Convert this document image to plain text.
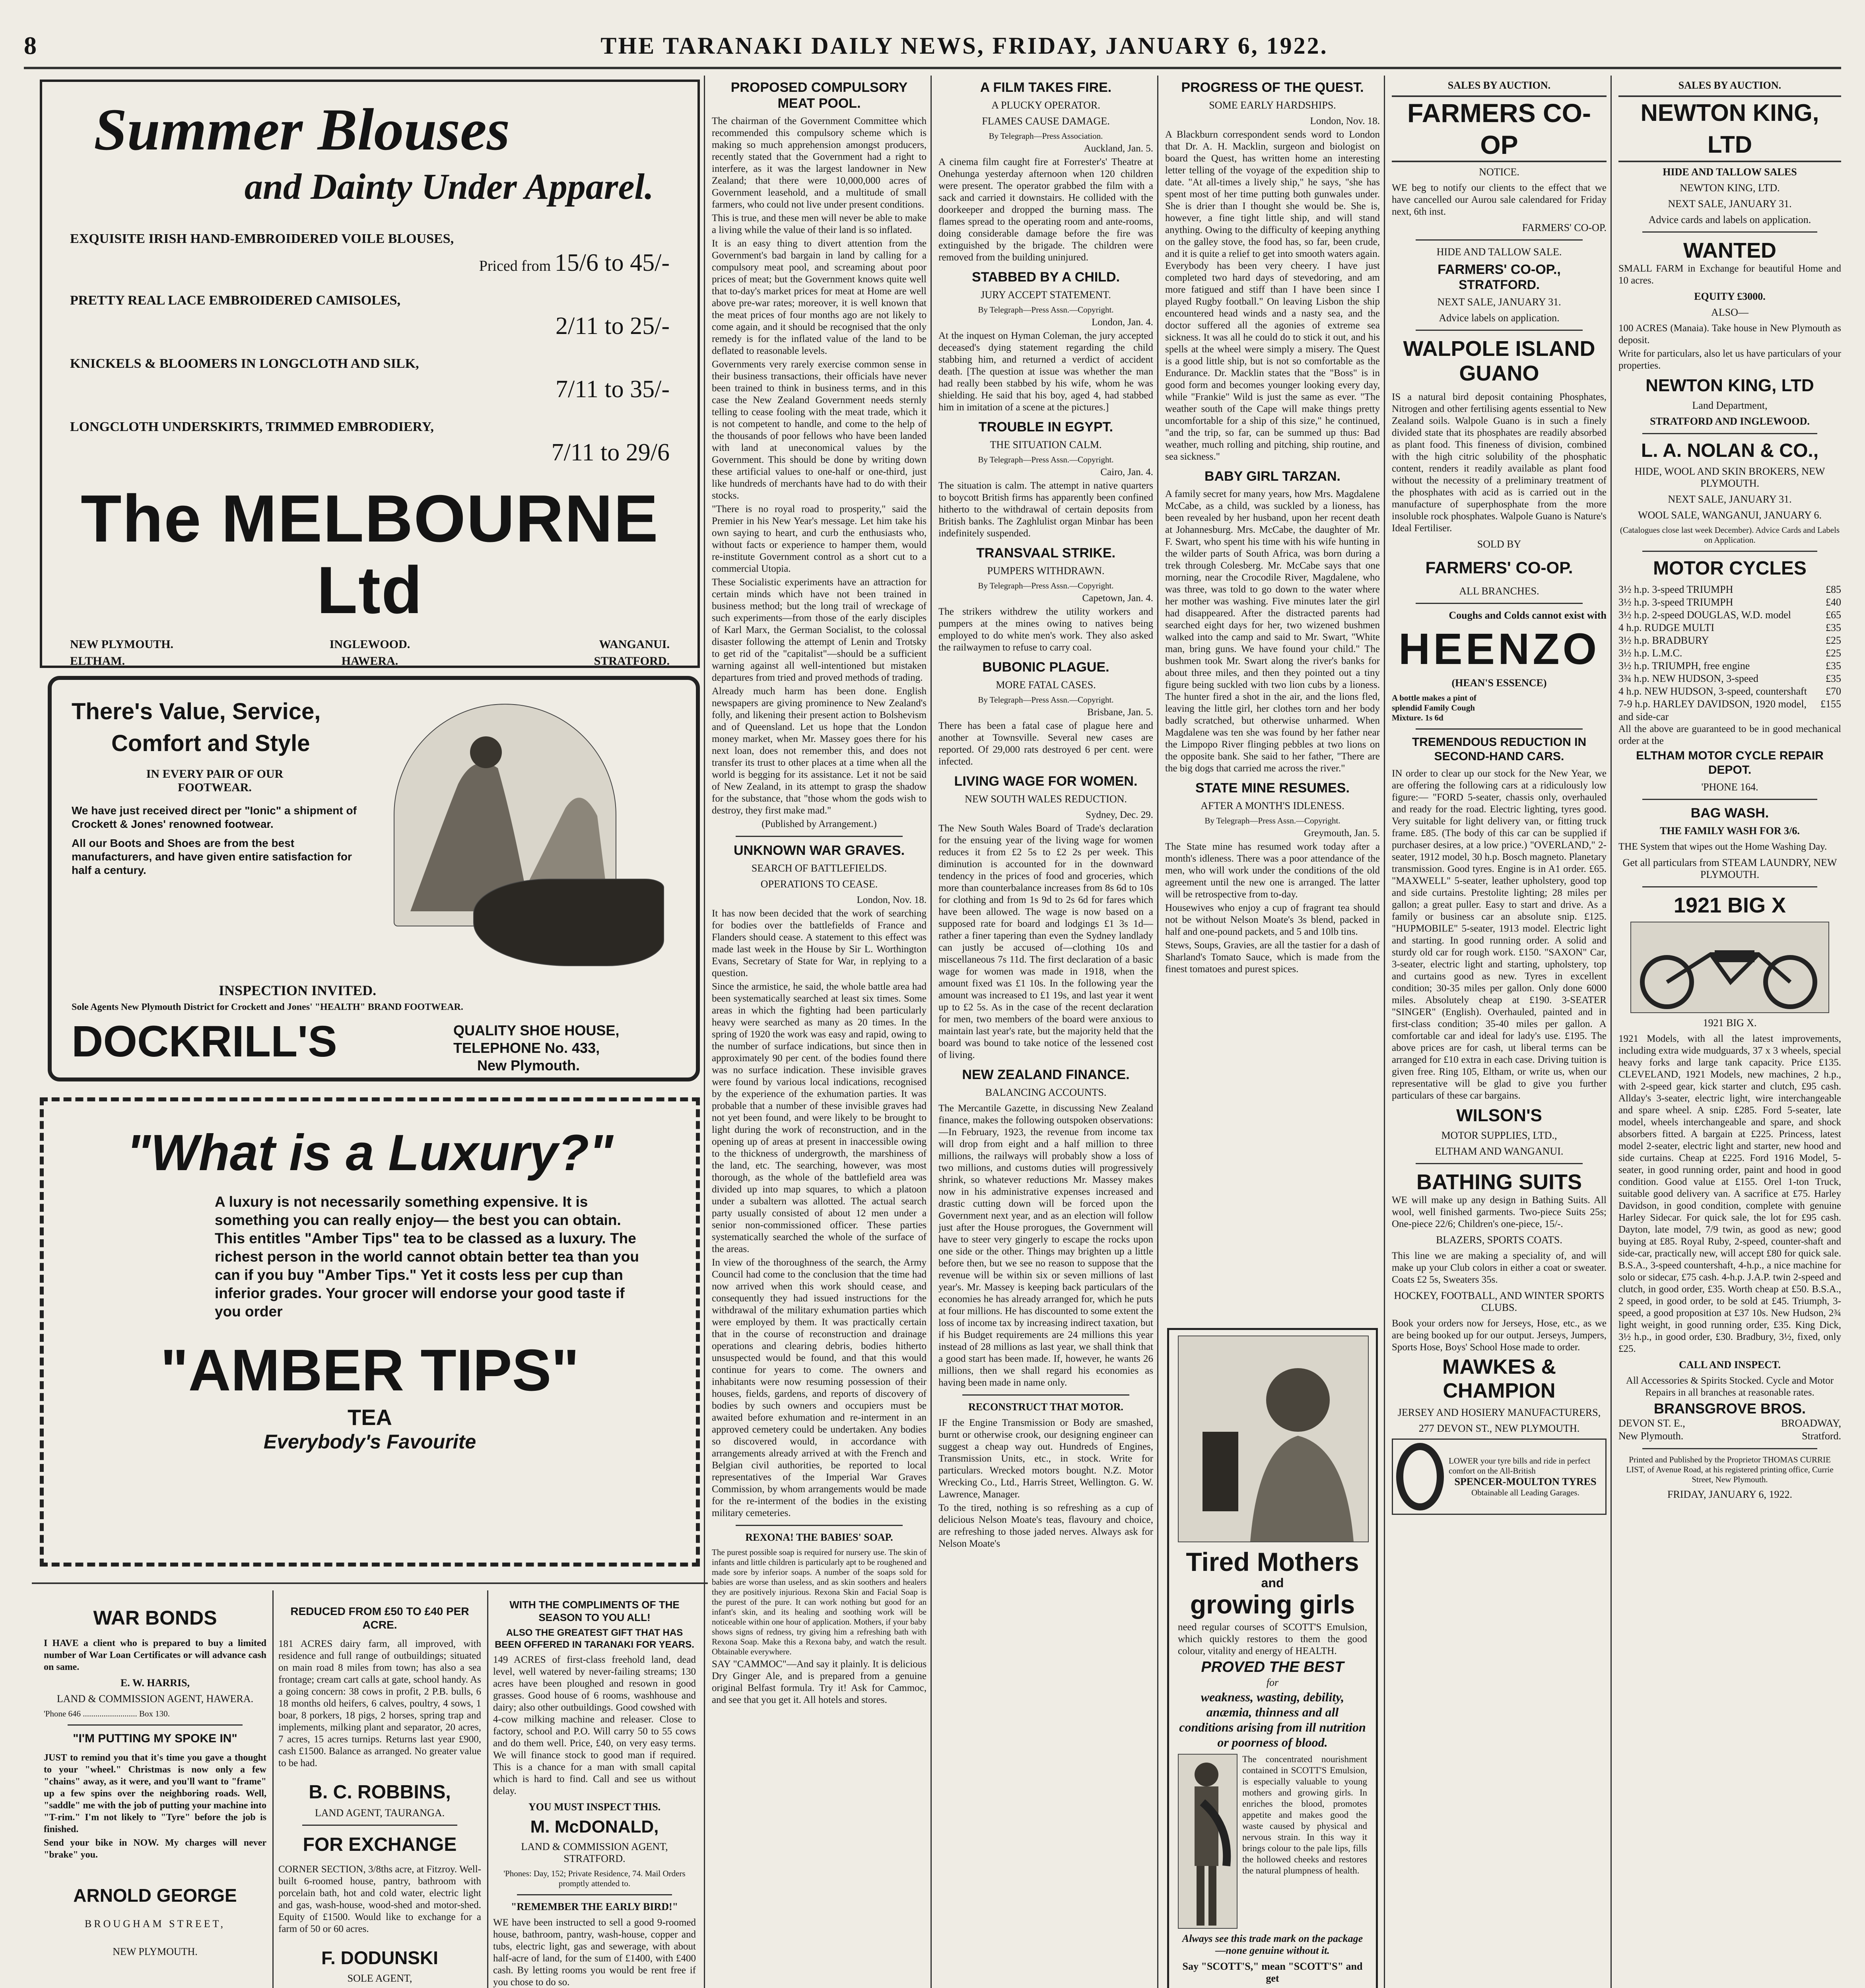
8	THE TARANAKI DAILY NEWS, FRIDAY, JANUARY 6, 1922.
Summer Blouses
and Dainty Under Apparel.
EXQUISITE IRISH HAND-EMBROIDERED VOILE BLOUSES,
Priced from 15/6 to 45/-
PRETTY REAL LACE EMBROIDERED CAMISOLES,
2/11 to 25/-
KNICKELS & BLOOMERS IN LONGCLOTH AND SILK,
7/11 to 35/-
LONGCLOTH UNDERSKIRTS, TRIMMED EMBRODIERY,
7/11 to 29/6
The MELBOURNE Ltd
NEW PLYMOUTH.	INGLEWOOD.	WANGANUI.
ELTHAM.	HAWERA.	STRATFORD.
There's Value, Service,
Comfort and Style
IN EVERY PAIR OF OUR
FOOTWEAR.
We have just received direct per "Ionic" a shipment of Crockett & Jones' renowned footwear.
All our Boots and Shoes are from the best manufacturers, and have given entire satisfaction for half a century.
INSPECTION INVITED.
Sole Agents New Plymouth District for Crockett and Jones' "HEALTH" BRAND FOOTWEAR.
DOCKRILL'S	QUALITY SHOE HOUSE,
TELEPHONE No. 433,
New Plymouth.
"What is a Luxury?"
A luxury is not necessarily something expensive. It is something you can really enjoy— the best you can obtain. This entitles "Amber Tips" tea to be classed as a luxury. The richest person in the world cannot obtain better tea than you can if you buy "Amber Tips." Yet it costs less per cup than inferior grades. Your grocer will endorse your good taste if you order
"AMBER TIPS"
TEA
Everybody's Favourite
WAR BONDS

I HAVE a client who is prepared to buy a limited number of War Loan Certificates or will advance cash on same.

E. W. HARRIS,
LAND & COMMISSION AGENT, HAWERA.
'Phone 646 .......................... Box 130.
"I'M PUTTING MY SPOKE IN"

JUST to remind you that it's time you gave a thought to your "wheel." Christmas is now only a few "chains" away, as it were, and you'll want to "frame" up a few spins over the neighboring roads. Well, "saddle" me with the job of putting your machine into "T-rim." I'm not likely to "Tyre" before the job is finished.

Send your bike in NOW. My charges will never "brake" you.

ARNOLD GEORGE
BROUGHAM STREET,
NEW PLYMOUTH.
REDUCED FROM £50 TO £40 PER ACRE.

181 ACRES dairy farm, all improved, with residence and full range of outbuildings; situated on main road 8 miles from town; has also a sea frontage; cream cart calls at gate, school handy. As a going concern: 38 cows in profit, 2 P.B. bulls, 6 18 months old heifers, 6 calves, poultry, 4 sows, 1 boar, 8 porkers, 18 pigs, 2 horses, spring trap and implements, milking plant and separator, 20 acres, 7 acres, 15 acres turnips. Returns last year £900, cash £1500. Balance as arranged. No greater value to be had.

B. C. ROBBINS,
LAND AGENT, TAURANGA.
FOR EXCHANGE

CORNER SECTION, 3/8ths acre, at Fitzroy. Well-built 6-roomed house, pantry, bathroom with porcelain bath, hot and cold water, electric light and gas, wash-house, wood-shed and motor-shed. Equity of £1500. Would like to exchange for a farm of 50 or 60 acres.

F. DODUNSKI
SOLE AGENT,
WITH THE COMPLIMENTS OF THE SEASON TO YOU ALL!
ALSO THE GREATEST GIFT THAT HAS BEEN OFFERED IN TARANAKI FOR YEARS.

149 ACRES of first-class freehold land, dead level, well watered by never-failing streams; 130 acres have been ploughed and resown in good grasses. Good house of 6 rooms, washhouse and dairy; also other outbuildings. Good cowshed with 4-cow milking machine and releaser. Close to factory, school and P.O. Will carry 50 to 55 cows and do them well. Price, £40, on very easy terms. We will finance stock to good man if required. This is a chance for a man with small capital which is hard to find. Call and see us without delay.

YOU MUST INSPECT THIS.
M. McDONALD,
LAND & COMMISSION AGENT, STRATFORD.
'Phones: Day, 152; Private Residence, 74. Mail Orders promptly attended to.
"REMEMBER THE EARLY BIRD!"

WE have been instructed to sell a good 9-roomed house, bathroom, pantry, wash-house, copper and tubs, electric light, gas and sewerage, with about half-acre of land, for the sum of £1400, with £400 cash. By letting rooms you would be rent free if you chose to do so.

PROPOSED COMPULSORY MEAT POOL.

The chairman of the Government Committee which recommended this compulsory scheme which is making so much apprehension amongst producers, recently stated that the Government had a right to interfere, as it was the largest landowner in New Zealand; that there were 10,000,000 acres of Government leasehold, and a multitude of small farmers, who could not live under present conditions.

This is true, and these men will never be able to make a living while the value of their land is so inflated.

It is an easy thing to divert attention from the Government's bad bargain in land by calling for a compulsory meat pool, and screaming about poor prices of meat; but the Government knows quite well that to-day's market prices for meat at Home are well above pre-war rates; moreover, it is well known that the meat prices of four months ago are not likely to come again, and it should be recognised that the only remedy is for the inflated value of the land to be deflated to reasonable levels.

Governments very rarely exercise common sense in their business transactions, their officials have never been trained to think in business terms, and in this case the New Zealand Government needs sternly telling to cease fooling with the meat trade, which it is not competent to handle, and come to the help of the thousands of poor fellows who have been landed with land at uneconomical values by the Government. This should be done by writing down these artificial values to one-half or one-third, just like hundreds of merchants have had to do with their stocks.

"There is no royal road to prosperity," said the Premier in his New Year's message. Let him take his own saying to heart, and curb the enthusiasts who, without facts or experience to hamper them, would re-institute Government control as a short cut to a commercial Utopia.

These Socialistic experiments have an attraction for certain minds which have not been trained in business method; but the long trail of wreckage of such experiments—from those of the early disciples of Karl Marx, the German Socialist, to the colossal disaster following the attempt of Lenin and Trotsky to get rid of the "capitalist"—should be a sufficient warning against all well-intentioned but mistaken departures from tried and proved methods of trading.

Already much harm has been done. English newspapers are giving prominence to New Zealand's folly, and likening their present action to Bolshevism and of Queensland. Let us hope that the London money market, when Mr. Massey goes there for his next loan, does not remember this, and does not transfer its trust to other places at a time when all the world is begging for its assistance. Let it not be said of New Zealand, in its attempt to grasp the shadow for the substance, that "those whom the gods wish to destroy, they first make mad."

(Published by Arrangement.)

UNKNOWN WAR GRAVES.
SEARCH OF BATTLEFIELDS.
OPERATIONS TO CEASE.

London, Nov. 18.

It has now been decided that the work of searching for bodies over the battlefields of France and Flanders should cease. A statement to this effect was made last week in the House by Sir L. Worthington Evans, Secretary of State for War, in replying to a question.

Since the armistice, he said, the whole battle area had been systematically searched at least six times. Some areas in which the fighting had been particularly heavy were searched as many as 20 times. In the spring of 1920 the work was easy and rapid, owing to the number of surface indications, but since then in approximately 90 per cent. of the bodies found there was no surface indication. These invisible graves were found by various local indications, recognised by the experience of the exhumation parties. It was probable that a number of these invisible graves had not yet been found, and were likely to be brought to light during the work of reconstruction, and in the opening up of areas at present in inaccessible owing to the thickness of undergrowth, the marshiness of the land, etc. The searching, however, was most thorough, as the whole of the battlefield area was divided up into map squares, to which a platoon under a subaltern was allotted. The actual search party usually consisted of about 12 men under a senior non-commissioned officer. These parties systematically searched the whole of the surface of the areas.

In view of the thoroughness of the search, the Army Council had come to the conclusion that the time had now arrived when this work should cease, and consequently they had issued instructions for the withdrawal of the military exhumation parties which were employed by them. It was practically certain that in the course of reconstruction and drainage operations and clearing debris, bodies hitherto unsuspected would be found, and that this would continue for years to come. The owners and inhabitants were now resuming possession of their houses, fields, gardens, and reports of discovery of bodies by such owners and occupiers must be awaited before exhumation and re-interment in an approved cemetery could be undertaken. Any bodies so discovered would, in accordance with arrangements already arrived at with the French and Belgian civil authorities, be reported to local representatives of the Imperial War Graves Commission, by whom arrangements would be made for the re-interment of the bodies in the existing military cemeteries.

REXONA! THE BABIES' SOAP.

The purest possible soap is required for nursery use. The skin of infants and little children is particularly apt to be roughened and made sore by inferior soaps. A number of the soaps sold for babies are worse than useless, and as skin soothers and healers they are positively injurious. Rexona Skin and Facial Soap is the purest of the pure. It can work nothing but good for an infant's skin, and its healing and soothing work will be noticeable within one hour of application. Mothers, if your baby shows signs of redness, try giving him a refreshing bath with Rexona Soap. Make this a Rexona baby, and watch the result. Obtainable everywhere.

SAY "CAMMOC"—And say it plainly. It is delicious Dry Ginger Ale, and is prepared from a genuine original Belfast formula. Try it! Ask for Cammoc, and see that you get it. All hotels and stores.

A FILM TAKES FIRE.
A PLUCKY OPERATOR.
FLAMES CAUSE DAMAGE.

By Telegraph—Press Association.

Auckland, Jan. 5.

A cinema film caught fire at Forrester's' Theatre at Onehunga yesterday afternoon when 120 children were present. The operator grabbed the film with a sack and carried it downstairs. He collided with the doorkeeper and dropped the burning mass. The flames spread to the operating room and ante-rooms, doing considerable damage before the fire was extinguished by the brigade. The children were removed from the building uninjured.

STABBED BY A CHILD.
JURY ACCEPT STATEMENT.

By Telegraph—Press Assn.—Copyright.

London, Jan. 4.

At the inquest on Hyman Coleman, the jury accepted deceased's dying statement regarding the child stabbing him, and returned a verdict of accident death. [The question at issue was whether the man had really been stabbed by his wife, whom he was shielding. He said that his boy, aged 4, had stabbed him in imitation of a scene at the pictures.]

TROUBLE IN EGYPT.
THE SITUATION CALM.

By Telegraph—Press Assn.—Copyright.

Cairo, Jan. 4.

The situation is calm. The attempt in native quarters to boycott British firms has apparently been confined hitherto to the withdrawal of certain deposits from British banks. The Zaghlulist organ Minbar has been indefinitely suspended.

TRANSVAAL STRIKE.
PUMPERS WITHDRAWN.

By Telegraph—Press Assn.—Copyright.

Capetown, Jan. 4.

The strikers withdrew the utility workers and pumpers at the mines owing to natives being employed to do white men's work. They also asked the railwaymen to refuse to carry coal.

BUBONIC PLAGUE.
MORE FATAL CASES.

By Telegraph—Press Assn.—Copyright.

Brisbane, Jan. 5.

There has been a fatal case of plague here and another at Townsville. Several new cases are reported. Of 29,000 rats destroyed 6 per cent. were infected.

LIVING WAGE FOR WOMEN.
NEW SOUTH WALES REDUCTION.

Sydney, Dec. 29.

The New South Wales Board of Trade's declaration for the ensuing year of the living wage for women reduces it from £2 5s to £2 2s per week. This diminution is accounted for in the downward tendency in the prices of food and groceries, which more than counterbalance increases from 8s 6d to 10s for clothing and from 1s 9d to 2s 6d for fares which have been allowed. The wage is now based on a supposed rate for board and lodgings £1 3s 1d—rather a finer tapering than even the Sydney landlady can justly be accused of—clothing 10s and miscellaneous 7s 11d. The first declaration of a basic wage for women was made in 1918, when the amount fixed was £1 10s. In the following year the amount was increased to £1 19s, and last year it went up to £2 5s. As in the case of the recent declaration for men, two members of the board were anxious to maintain last year's rate, but the majority held that the board was bound to take notice of the lessened cost of living.

NEW ZEALAND FINANCE.
BALANCING ACCOUNTS.

The Mercantile Gazette, in discussing New Zealand finance, makes the following outspoken observations:—In February, 1923, the revenue from income tax will drop from eight and a half million to three millions, the railways will probably show a loss of two millions, and customs duties will progressively shrink, so whatever reductions Mr. Massey makes now in his administrative expenses increased and drastic cutting down will be forced upon the Government next year, and as an election will follow just after the House prorogues, the Government will have to steer very gingerly to escape the rocks upon one side or the other. Things may brighten up a little before then, but we see no reason to suppose that the revenue will be within six or seven millions of last year's. Mr. Massey is keeping back particulars of the economies he has already arranged for, which he puts at four millions. He has discounted to some extent the loss of income tax by increasing indirect taxation, but if his Budget requirements are 24 millions this year instead of 28 millions as last year, we shall think that a good start has been made. If, however, he wants 26 millions, then we shall regard his economies as having been made in name only.

RECONSTRUCT THAT MOTOR.

IF the Engine Transmission or Body are smashed, burnt or otherwise crook, our designing engineer can suggest a cheap way out. Hundreds of Engines, Transmission Units, etc., in stock. Write for particulars. Wrecked motors bought. N.Z. Motor Wrecking Co., Ltd., Harris Street, Wellington. G. W. Lawrence, Manager.

To the tired, nothing is so refreshing as a cup of delicious Nelson Moate's teas, flavoury and choice, are refreshing to those jaded nerves. Always ask for Nelson Moate's

PROGRESS OF THE QUEST.
SOME EARLY HARDSHIPS.

London, Nov. 18.

A Blackburn correspondent sends word to London that Dr. A. H. Macklin, surgeon and biologist on board the Quest, has written home an interesting letter telling of the voyage of the expedition ship to date. "At all-times a lively ship," he says, "she has spent most of her time putting both gunwales under. She is drier than I thought she would be. She is, however, a fine tight little ship, and will stand anything. Owing to the difficulty of keeping anything on the galley stove, the food has, so far, been crude, and it is quite a relief to get into smooth waters again. Everybody has been very cheery. I have just completed two hard days of stevedoring, and am more fatigued and stiff than I have been since I played Rugby football." On leaving Lisbon the ship encountered head winds and a nasty sea, and the doctor suffered all the agonies of extreme sea sickness. It was all he could do to stick it out, and his spells at the wheel were simply a misery. The Quest is a good little ship, but is not so comfortable as the Endurance. Dr. Macklin states that the "Boss" is in good form and becomes younger looking every day, while "Frankie" Wild is just the same as ever. "The weather south of the Cape will make things pretty uncomfortable for a ship of this size," he continued, "and the trip, so far, can be summed up thus: Bad weather, much rolling and pitching, ship routine, and sea sickness."

BABY GIRL TARZAN.

A family secret for many years, how Mrs. Magdalene McCabe, as a child, was suckled by a lioness, has been revealed by her husband, upon her recent death at Johannesburg. Mrs. McCabe, the daughter of Mr. F. Swart, who spent his time with his wife hunting in the wilder parts of South Africa, was born during a trek through Colesberg. Mr. McCabe says that one morning, near the Crocodile River, Magdalene, who was three, was told to go down to the water where her mother was washing. Five minutes later the girl had disappeared. After the distracted parents had searched eight days for her, two wizened bushmen walked into the camp and said to Mr. Swart, "White man, bring guns. We have found your child." The bushmen took Mr. Swart along the river's banks for about three miles, and then they pointed out a tiny figure being suckled with two lion cubs by a lioness. The hunter fired a shot in the air, and the lions fled, leaving the little girl, her clothes torn and her body badly scratched, but otherwise unharmed. When Magdalene was ten she was found by her father near the Limpopo River flinging pebbles at two lions on the opposite bank. She said to her father, "There are the big dogs that carried me across the river."

STATE MINE RESUMES.
AFTER A MONTH'S IDLENESS.

By Telegraph—Press Assn.—Copyright.

Greymouth, Jan. 5.

The State mine has resumed work today after a month's idleness. There was a poor attendance of the men, who will work under the conditions of the old agreement until the new one is arranged. The latter will be retrospective from to-day.

Housewives who enjoy a cup of fragrant tea should not be without Nelson Moate's 3s blend, packed in half and one-pound packets, and 5 and 10lb tins.

Stews, Soups, Gravies, are all the tastier for a dash of Sharland's Tomato Sauce, which is made from the finest tomatoes and purest spices.

Tired Mothers
and
growing girls

need regular courses of SCOTT'S Emulsion, which quickly restores to them the good colour, vitality and energy of HEALTH.

PROVED THE BEST
for
weakness, wasting, debility, anæmia, thinness and all conditions arising from ill nutrition or poorness of blood.

The concentrated nourishment contained in SCOTT'S Emulsion, is especially valuable to young mothers and growing girls. In enriches the blood, promotes appetite and makes good the waste caused by physical and nervous strain. In this way it brings colour to the pale lips, fills the hollowed cheeks and restores the natural plumpness of health.

Always see this trade mark on the package—none genuine without it.
Say "SCOTT'S," mean "SCOTT'S" and get
SALES BY AUCTION.
FARMERS CO-OP
NOTICE.

WE beg to notify our clients to the effect that we have cancelled our Aurou sale calendared for Friday next, 6th inst.

FARMERS' CO-OP.
HIDE AND TALLOW SALE.
FARMERS' CO-OP.,
STRATFORD.
NEXT SALE, JANUARY 31.
Advice labels on application.
WALPOLE ISLAND
GUANO

IS a natural bird deposit containing Phosphates, Nitrogen and other fertilising agents essential to New Zealand soils. Walpole Guano is in such a finely divided state that its phosphates are readily absorbed as plant food. This fineness of division, combined with the high citric solubility of the phosphatic content, renders it readily available as plant food without the necessity of a preliminary treatment of the phosphates with acid as is carried out in the manufacture of superphosphate from the more insoluble rock phosphates. Walpole Guano is Nature's Ideal Fertiliser.

SOLD BY
FARMERS' CO-OP.
ALL BRANCHES.
Coughs and Colds cannot exist with
HEENZO
(HEAN'S ESSENCE)
A bottle makes a pint of splendid Family Cough Mixture. 1s 6d
TREMENDOUS REDUCTION IN SECOND-HAND CARS.

IN order to clear up our stock for the New Year, we are offering the following cars at a ridiculously low figure:— "FORD 5-seater, chassis only, overhauled and ready for the road. Electric lighting, tyres good. Very suitable for light delivery van, or fitting truck frame. £85. (The body of this car can be supplied if purchaser desires, at a low price.) "OVERLAND," 2-seater, 1912 model, 30 h.p. Bosch magneto. Planetary transmission. Good tyres. Engine is in A1 order. £65. "MAXWELL" 5-seater, leather upholstery, good top and side curtains. Prestolite lighting; 28 miles per gallon; a great puller. Easy to start and drive. As a family or business car an absolute snip. £125. "HUPMOBILE" 5-seater, 1913 model. Electric light and starting. In good running order. A solid and sturdy old car for rough work. £150. "SAXON" Car, 3-seater, electric light and starting, upholstery, top and curtains good as new. Tyres in excellent condition; 30-35 miles per gallon. Only done 6000 miles. Absolutely cheap at £190. 3-SEATER "SINGER" (English). Overhauled, painted and in first-class condition; 35-40 miles per gallon. A comfortable car and ideal for lady's use. £195. The above prices are for cash, ut liberal terms can be arranged for £10 extra in each case. Driving tuition is given free. Ring 105, Eltham, or write us, when our representative will be glad to give you further particulars of these car bargains.

WILSON'S
MOTOR SUPPLIES, LTD.,
ELTHAM AND WANGANUI.
BATHING SUITS

WE will make up any design in Bathing Suits. All wool, well finished garments. Two-piece Suits 25s; One-piece 22/6; Children's one-piece, 15/-.

BLAZERS, SPORTS COATS.

This line we are making a speciality of, and will make up your Club colors in either a coat or sweater. Coats £2 5s, Sweaters 35s.

HOCKEY, FOOTBALL, AND WINTER SPORTS CLUBS.

Book your orders now for Jerseys, Hose, etc., as we are being booked up for our output. Jerseys, Jumpers, Sports Hose, Boys' School Hose made to order.

MAWKES & CHAMPION
JERSEY AND HOSIERY MANUFACTURERS,
277 DEVON ST., NEW PLYMOUTH.
LOWER your tyre bills and ride in perfect comfort on the All-British
SPENCER-MOULTON TYRES
Obtainable all Leading Garages.
SALES BY AUCTION.
NEWTON KING, LTD
HIDE AND TALLOW SALES
NEWTON KING, LTD.
NEXT SALE, JANUARY 31.
Advice cards and labels on application.
WANTED

SMALL FARM in Exchange for beautiful Home and 10 acres.

EQUITY £3000.
ALSO—

100 ACRES (Manaia). Take house in New Plymouth as deposit.

Write for particulars, also let us have particulars of your properties.

NEWTON KING, LTD
Land Department,
STRATFORD AND INGLEWOOD.
L. A. NOLAN & CO.,
HIDE, WOOL AND SKIN BROKERS, NEW PLYMOUTH.
NEXT SALE, JANUARY 31.
WOOL SALE, WANGANUI, JANUARY 6.
(Catalogues close last week December). Advice Cards and Labels on Application.
MOTOR CYCLES
3½ h.p. 3-speed TRIUMPH	£85
3½ h.p. 3-speed TRIUMPH	£40
3½ h.p. 2-speed DOUGLAS, W.D. model	£65
4 h.p. RUDGE MULTI	£35
3½ h.p. BRADBURY	£25
3½ h.p. L.M.C.	£25
3½ h.p. TRIUMPH, free engine	£35
3¾ h.p. NEW HUDSON, 3-speed	£35
4 h.p. NEW HUDSON, 3-speed, countershaft £70
7-9 h.p. HARLEY DAVIDSON, 1920 model, and side-car
£155

All the above are guaranteed to be in good mechanical order at the

ELTHAM MOTOR CYCLE REPAIR DEPOT.
'PHONE 164.
BAG WASH.
THE FAMILY WASH FOR 3/6.

THE System that wipes out the Home Washing Day.

Get all particulars from STEAM LAUNDRY, NEW PLYMOUTH.
1921 BIG X
1921 BIG X.

1921 Models, with all the latest improvements, including extra wide mudguards, 37 x 3 wheels, special heavy forks and large tank capacity. Price £135. CLEVELAND, 1921 Models, new machines, 2 h.p., with 2-speed gear, kick starter and clutch, £95 cash. Allday's 3-seater, electric light, wire interchangeable and spare wheel. A snip. £285. Ford 5-seater, late model, wheels interchangeable and spare, and shock absorbers fitted. A bargain at £225. Princess, latest model 2-seater, electric light and starter, new hood and side curtains. Cheap at £225. Ford 1916 Model, 5-seater, in good running order, paint and hood in good condition. Good value at £155. Orel 1-ton Truck, suitable good delivery van. A sacrifice at £75. Harley Davidson, in good condition, complete with genuine Harley Sidecar. For quick sale, the lot for £95 cash. Dayton, late model, 7/9 twin, as good as new; good buying at £85. Royal Ruby, 2-speed, counter-shaft and side-car, practically new, will accept £80 for quick sale. B.S.A., 3-speed countershaft, 4-h.p., a nice machine for solo or sidecar, £75 cash. 4-h.p. J.A.P. twin 2-speed and clutch, in good order, £35. Worth cheap at £50. B.S.A., 2 speed, in good order, to be sold at £45. Triumph, 3-speed, a good proposition at £37 10s. New Hudson, 2¾ light weight, in good running order, £35. King Dick, 3½ h.p., in good order, £30. Bradbury, 3½, fixed, only £25.

CALL AND INSPECT.

All Accessories & Spirits Stocked. Cycle and Motor Repairs in all branches at reasonable rates.

BRANSGROVE BROS.
DEVON ST. E.,	BROADWAY,
New Plymouth.	Stratford.

Printed and Published by the Proprietor THOMAS CURRIE LIST, of Avenue Road, at his registered printing office, Currie Street, New Plymouth.

FRIDAY, JANUARY 6, 1922.
